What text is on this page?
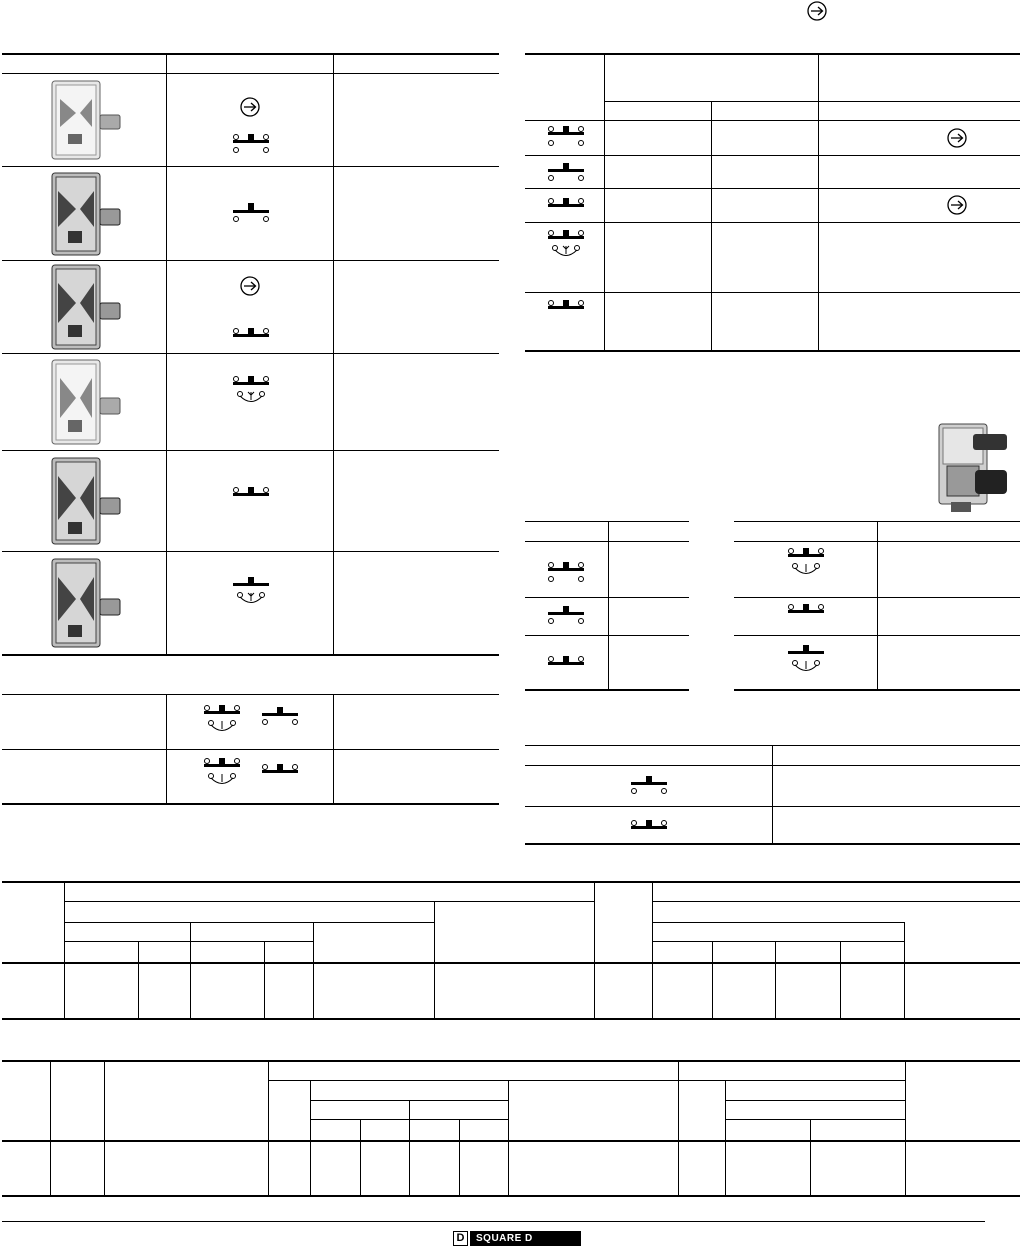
D	SQUARE D
